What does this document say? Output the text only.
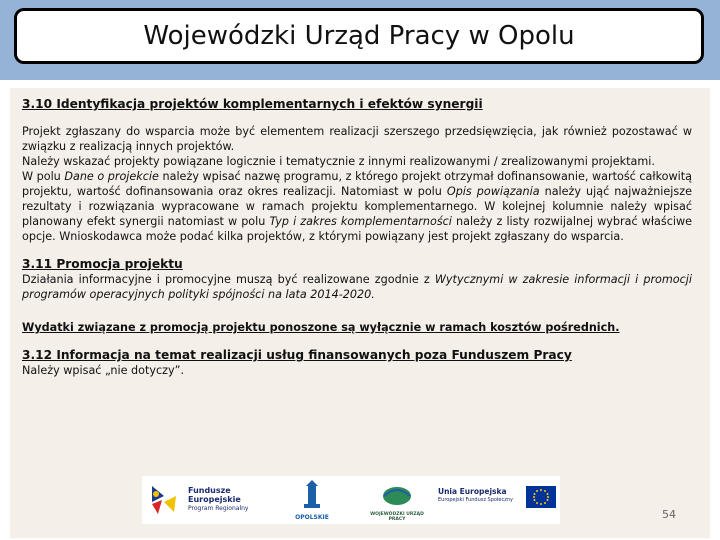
Wojewódzki Urząd Pracy w Opolu
3.10 Identyfikacja projektów komplementarnych i efektów synergii
Projekt zgłaszany do wsparcia może być elementem realizacji szerszego przedsięwzięcia, jak również pozostawać w związku z realizacją innych projektów.
Należy wskazać projekty powiązane logicznie i tematycznie z innymi realizowanymi / zrealizowanymi projektami.
W polu Dane o projekcie należy wpisać nazwę programu, z którego projekt otrzymał dofinansowanie, wartość całkowitą projektu, wartość dofinansowania oraz okres realizacji. Natomiast w polu Opis powiązania należy ująć najważniejsze rezultaty i rozwiązania wypracowane w ramach projektu komplementarnego. W kolejnej kolumnie należy wpisać planowany efekt synergii natomiast w polu Typ i zakres komplementarności należy z listy rozwijalnej wybrać właściwe opcje. Wnioskodawca może podać kilka projektów, z którymi powiązany jest projekt zgłaszany do wsparcia.
3.11 Promocja projektu
Działania informacyjne i promocyjne muszą być realizowane zgodnie z Wytycznymi w zakresie informacji i promocji programów operacyjnych polityki spójności na lata 2014-2020.
Wydatki związane z promocją projektu ponoszone są wyłącznie w ramach kosztów pośrednich.
3.12 Informacja na temat realizacji usług finansowanych poza Funduszem Pracy
Należy wpisać „nie dotyczy”.
Fundusze
Europejskie
Program Regionalny
OPOLSKIE	WOJEWÓDZKI URZĄD PRACY
Unia Europejska
Europejski Fundusz Społeczny
54
